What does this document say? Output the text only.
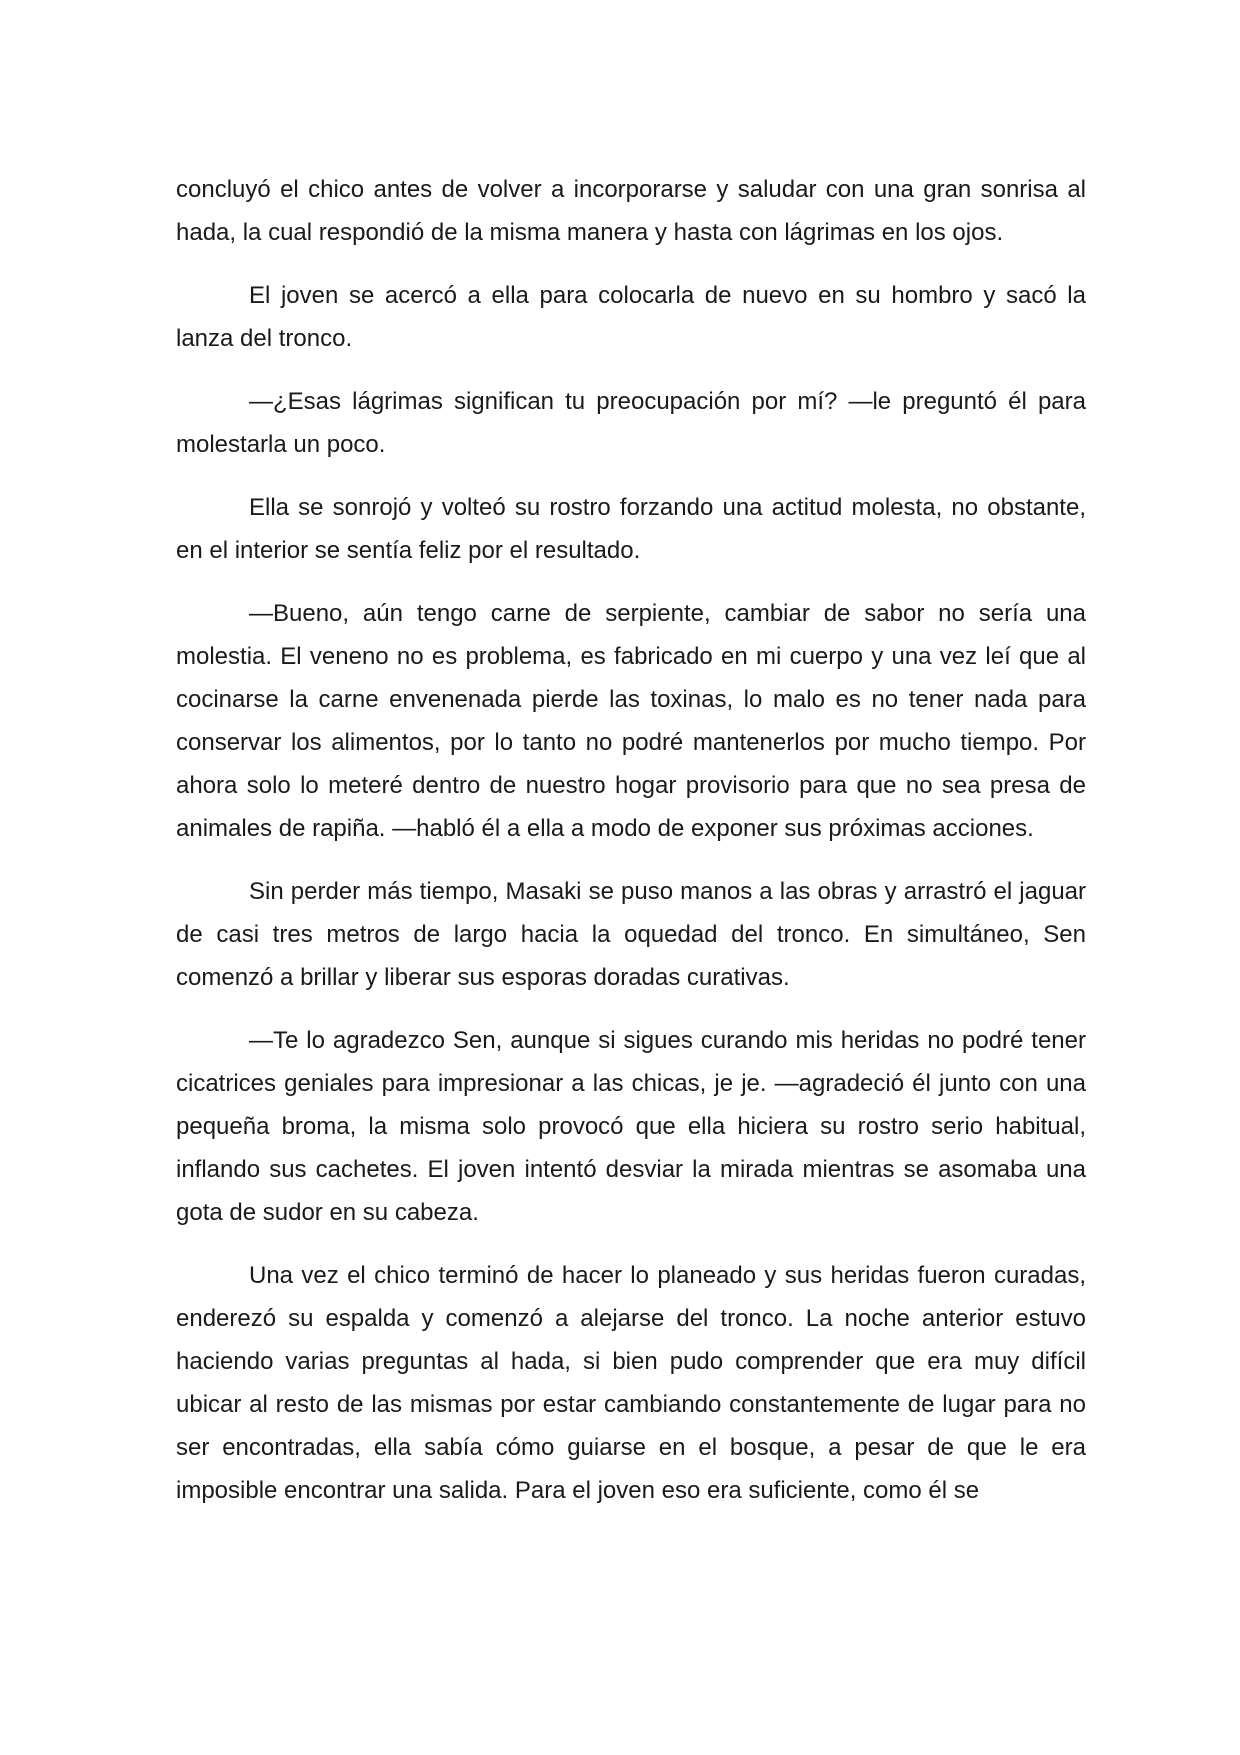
concluyó el chico antes de volver a incorporarse y saludar con una gran sonrisa al hada, la cual respondió de la misma manera y hasta con lágrimas en los ojos.

El joven se acercó a ella para colocarla de nuevo en su hombro y sacó la lanza del tronco.

—¿Esas lágrimas significan tu preocupación por mí? —le preguntó él para molestarla un poco.

Ella se sonrojó y volteó su rostro forzando una actitud molesta, no obstante, en el interior se sentía feliz por el resultado.

—Bueno, aún tengo carne de serpiente, cambiar de sabor no sería una molestia. El veneno no es problema, es fabricado en mi cuerpo y una vez leí que al cocinarse la carne envenenada pierde las toxinas, lo malo es no tener nada para conservar los alimentos, por lo tanto no podré mantenerlos por mucho tiempo. Por ahora solo lo meteré dentro de nuestro hogar provisorio para que no sea presa de animales de rapiña. —habló él a ella a modo de exponer sus próximas acciones.

Sin perder más tiempo, Masaki se puso manos a las obras y arrastró el jaguar de casi tres metros de largo hacia la oquedad del tronco. En simultáneo, Sen comenzó a brillar y liberar sus esporas doradas curativas.

—Te lo agradezco Sen, aunque si sigues curando mis heridas no podré tener cicatrices geniales para impresionar a las chicas, je je. —agradeció él junto con una pequeña broma, la misma solo provocó que ella hiciera su rostro serio habitual, inflando sus cachetes. El joven intentó desviar la mirada mientras se asomaba una gota de sudor en su cabeza.

Una vez el chico terminó de hacer lo planeado y sus heridas fueron curadas, enderezó su espalda y comenzó a alejarse del tronco. La noche anterior estuvo haciendo varias preguntas al hada, si bien pudo comprender que era muy difícil ubicar al resto de las mismas por estar cambiando constantemente de lugar para no ser encontradas, ella sabía cómo guiarse en el bosque, a pesar de que le era imposible encontrar una salida. Para el joven eso era suficiente, como él se
